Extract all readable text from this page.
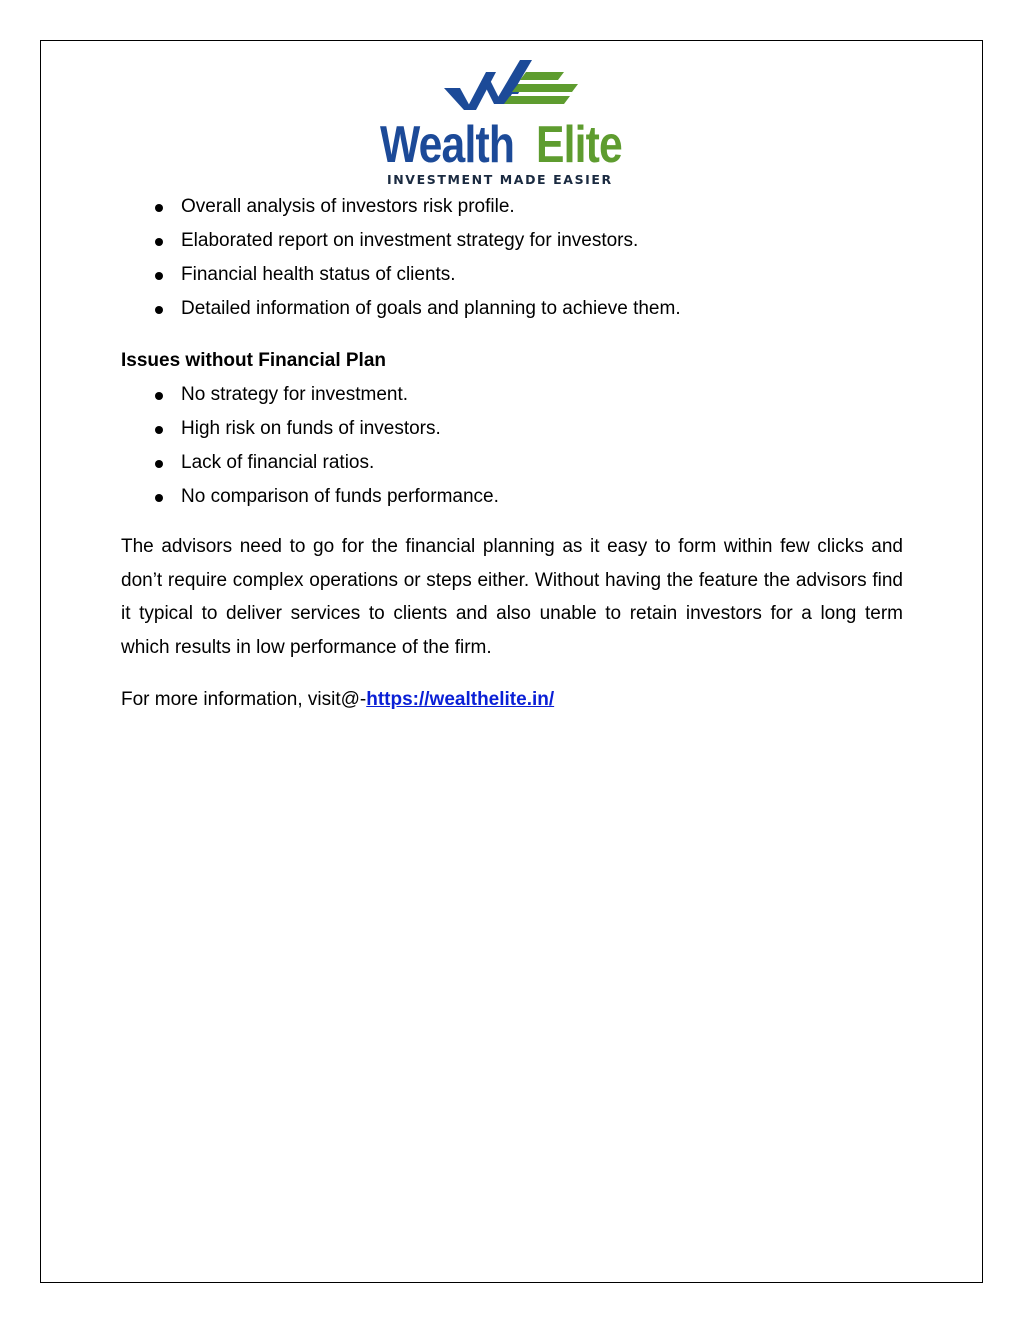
Wealth Elite
INVESTMENT MADE EASIER
Overall analysis of investors risk profile.
Elaborated report on investment strategy for investors.
Financial health status of clients.
Detailed information of goals and planning to achieve them.
Issues without Financial Plan
No strategy for investment.
High risk on funds of investors.
Lack of financial ratios.
No comparison of funds performance.

The advisors need to go for the financial planning as it easy to form within few clicks and don’t require complex operations or steps either. Without having the feature the advisors find it typical to deliver services to clients and also unable to retain investors for a long term which results in low performance of the firm.

For more information, visit@-https://wealthelite.in/
